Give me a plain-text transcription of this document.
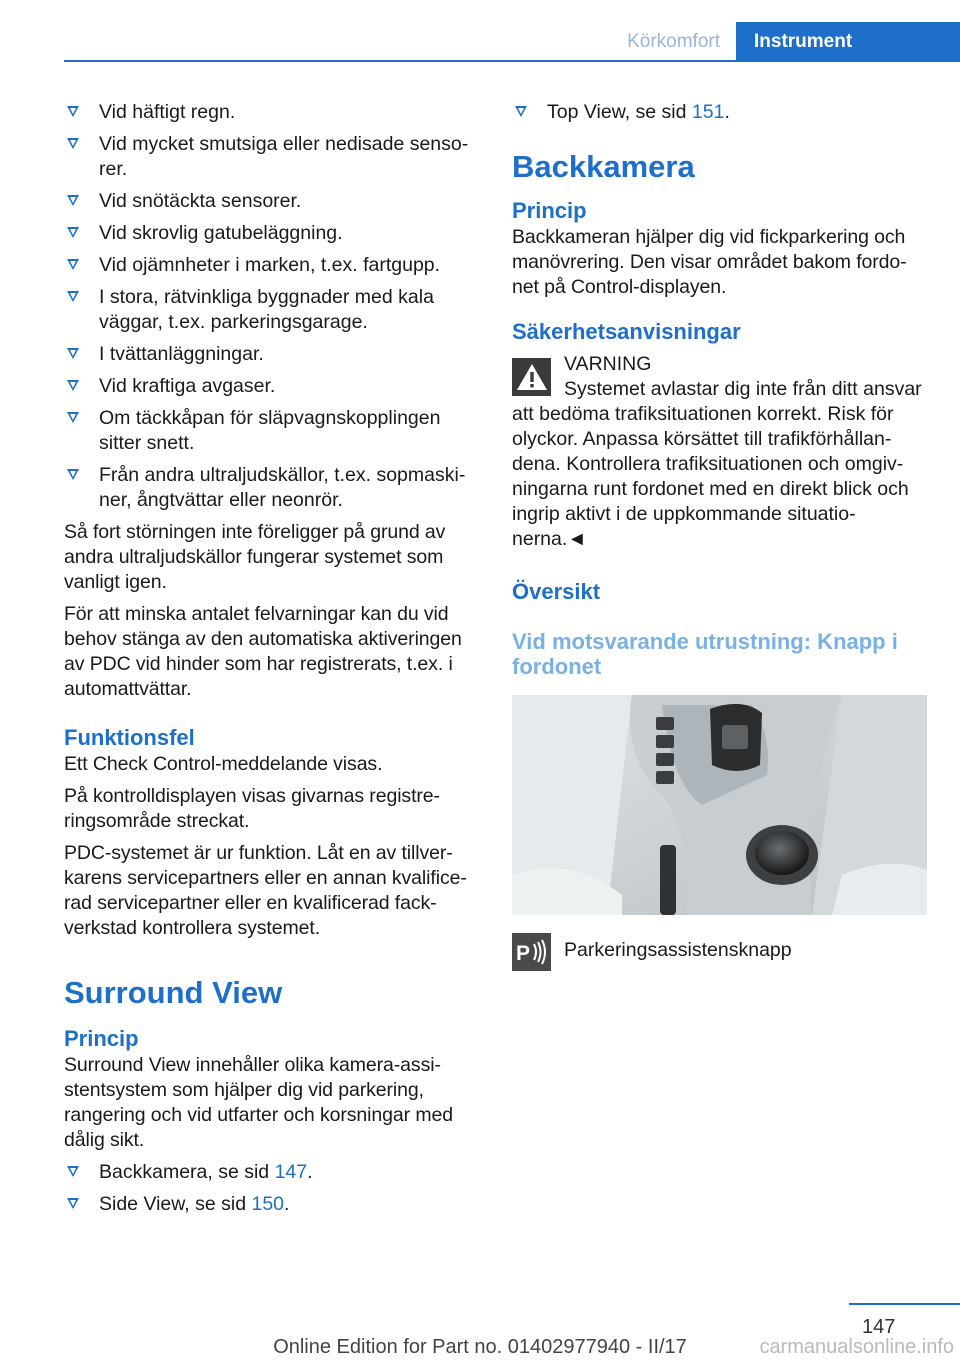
Körkomfort	Instrument
Vid häftigt regn.
Vid mycket smutsiga eller nedisade senso-rer.
Vid snötäckta sensorer.
Vid skrovlig gatubeläggning.
Vid ojämnheter i marken, t.ex. fartgupp.
I stora, rätvinkliga byggnader med kala väggar, t.ex. parkeringsgarage.
I tvättanläggningar.
Vid kraftiga avgaser.
Om täckkåpan för släpvagnskopplingen sitter snett.
Från andra ultraljudskällor, t.ex. sopmaski-ner, ångtvättar eller neonrör.

Så fort störningen inte föreligger på grund av andra ultraljudskällor fungerar systemet som vanligt igen.

För att minska antalet felvarningar kan du vid behov stänga av den automatiska aktiveringen av PDC vid hinder som har registrerats, t.ex. i automattvättar.

Funktionsfel

Ett Check Control-meddelande visas.

På kontrolldisplayen visas givarnas registre-ringsområde streckat.

PDC-systemet är ur funktion. Låt en av tillver-karens servicepartners eller en annan kvalifice-rad servicepartner eller en kvalificerad fack-verkstad kontrollera systemet.

Surround View
Princip

Surround View innehåller olika kamera-assi-stentsystem som hjälper dig vid parkering, rangering och vid utfarter och korsningar med dålig sikt.

Backkamera, se sid 147.
Side View, se sid 150.
Top View, se sid 151.
Backkamera
Princip

Backkameran hjälper dig vid fickparkering och manövrering. Den visar området bakom fordo-net på Control-displayen.

Säkerhetsanvisningar
VARNING
Systemet avlastar dig inte från ditt ansvar
att bedöma trafiksituationen korrekt. Risk för olyckor. Anpassa körsättet till trafikförhållan-dena. Kontrollera trafiksituationen och omgiv-ningarna runt fordonet med en direkt blick och ingrip aktivt i de uppkommande situatio-nerna.◄
Översikt
Vid motsvarande utrustning: Knapp i fordonet
P Parkeringsassistensknapp
147
Online Edition for Part no. 01402977940 - II/17	carmanualsonline.info
